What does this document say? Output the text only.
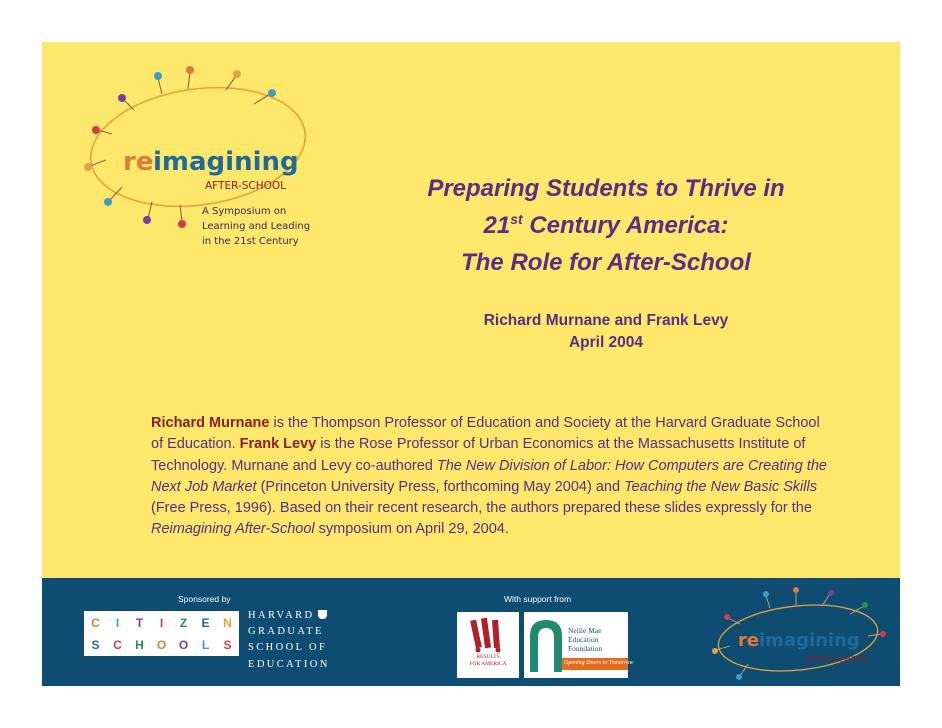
re imagining
AFTER-SCHOOL
A Symposium on
Learning and Leading
in the 21st Century
Preparing Students to Thrive in
21st Century America:
The Role for After-School
Richard Murnane and Frank Levy
April 2004
Richard Murnane is the Thompson Professor of Education and Society at the Harvard Graduate School of Education. Frank Levy is the Rose Professor of Urban Economics at the Massachusetts Institute of Technology. Murnane and Levy co-authored The New Division of Labor: How Computers are Creating the Next Job Market (Princeton University Press, forthcoming May 2004) and Teaching the New Basic Skills (Free Press, 1996). Based on their recent research, the authors prepared these slides expressly for the Reimagining After-School symposium on April 29, 2004.
Sponsored by	With support from
C	I	T	I	Z	E	N
S	C	H	O	O	L	S
HARVARD
GRADUATE
SCHOOL OF
EDUCATION
RESULTS
FOR AMERICA
Nellie Mae
Education
Foundation
Opening Doors to Tomorrow
re imagining
AFTER-SCHOOL
